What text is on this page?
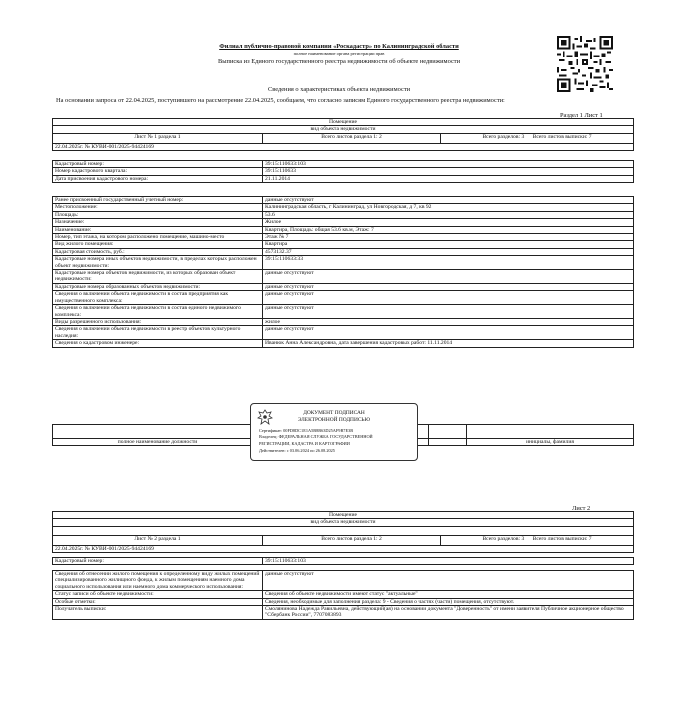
Филиал публично-правовой компании «Роскадастр» по Калининградской области
полное наименование органа регистрации прав
Выписка из Единого государственного реестра недвижимости об объекте недвижимости
Сведения о характеристиках объекта недвижимости
На основании запроса от 22.04.2025, поступившего на рассмотрение 22.04.2025, сообщаем, что согласно записям Единого государственного реестра недвижимости:
Раздел 1 Лист 1
Помещение
вид объекта недвижимости
Лист № 1 раздела 1	Всего листов раздела 1: 2	Всего разделов: 3 Всего листов выписки: 7
22.04.2025г. № КУВИ-001/2025-94424169
Кадастровый номер:	39:15:110633:103
Номер кадастрового квартала:	39:15:110633
Дата присвоения кадастрового номера:	21.11.2014
Ранее присвоенный государственный учетный номер:	данные отсутствуют
Местоположение:	Калининградская область, г Калининград, ул Новгородская, д 7, кв 92
Площадь:	53.6
Назначение:	Жилое
Наименование:	Квартира, Площадь: общая 53.6 кв.м, Этаж: 7
Номер, тип этажа, на котором расположено помещение, машино-место	Этаж № 7
Вид жилого помещения:	Квартира
Кадастровая стоимость, руб.:	4573132.37
Кадастровые номера иных объектов недвижимости, в пределах которых расположен объект недвижимости:	39:15:110633:33
Кадастровые номера объектов недвижимости, из которых образован объект недвижимости:	данные отсутствуют
Кадастровые номера образованных объектов недвижимости:	данные отсутствуют
Сведения о включении объекта недвижимости в состав предприятия как имущественного комплекса:	данные отсутствуют
Сведения о включении объекта недвижимости в состав единого недвижимого комплекса:	данные отсутствуют
Виды разрешенного использования:	жилое
Сведения о включении объекта недвижимости в реестр объектов культурного наследия:	данные отсутствуют
Сведения о кадастровом инженере:	Иванюк Анна Александровна, дата завершения кадастровых работ: 11.11.2014

полное наименование должности				инициалы, фамилия
ДОКУМЕНТ ПОДПИСАН
ЭЛЕКТРОННОЙ ПОДПИСЬЮ
Сертификат: 00FD8DC1E1A5B8B63D25AF9B7E3B
Владелец: ФЕДЕРАЛЬНАЯ СЛУЖБА ГОСУДАРСТВЕННОЙ
РЕГИСТРАЦИИ, КАДАСТРА И КАРТОГРАФИИ
Действителен: с 03.06.2024 по 26.08.2025
Лист 2
Помещение
вид объекта недвижимости

Лист № 2 раздела 1	Всего листов раздела 1: 2	Всего разделов: 3 Всего листов выписки: 7
22.04.2025г. № КУВИ-001/2025-94424169
Кадастровый номер:	39:15:110633:103
Сведения об отнесении жилого помещения к определенному виду жилых помещений специализированного жилищного фонда, к жилым помещениям наемного дома социального использования или наемного дома коммерческого использования:	данные отсутствуют
Статус записи об объекте недвижимости:	Сведения об объекте недвижимости имеют статус "актуальные"
Особые отметки:	Сведения, необходимые для заполнения раздела: 9 - Сведения о частях (части) помещения, отсутствуют.
Получатель выписки:	Смолянинова Надежда Равильевна, действующий(ая) на основании документа "Доверенность" от имени заявителя Публичное акционерное общество "Сбербанк России", 7707083893
